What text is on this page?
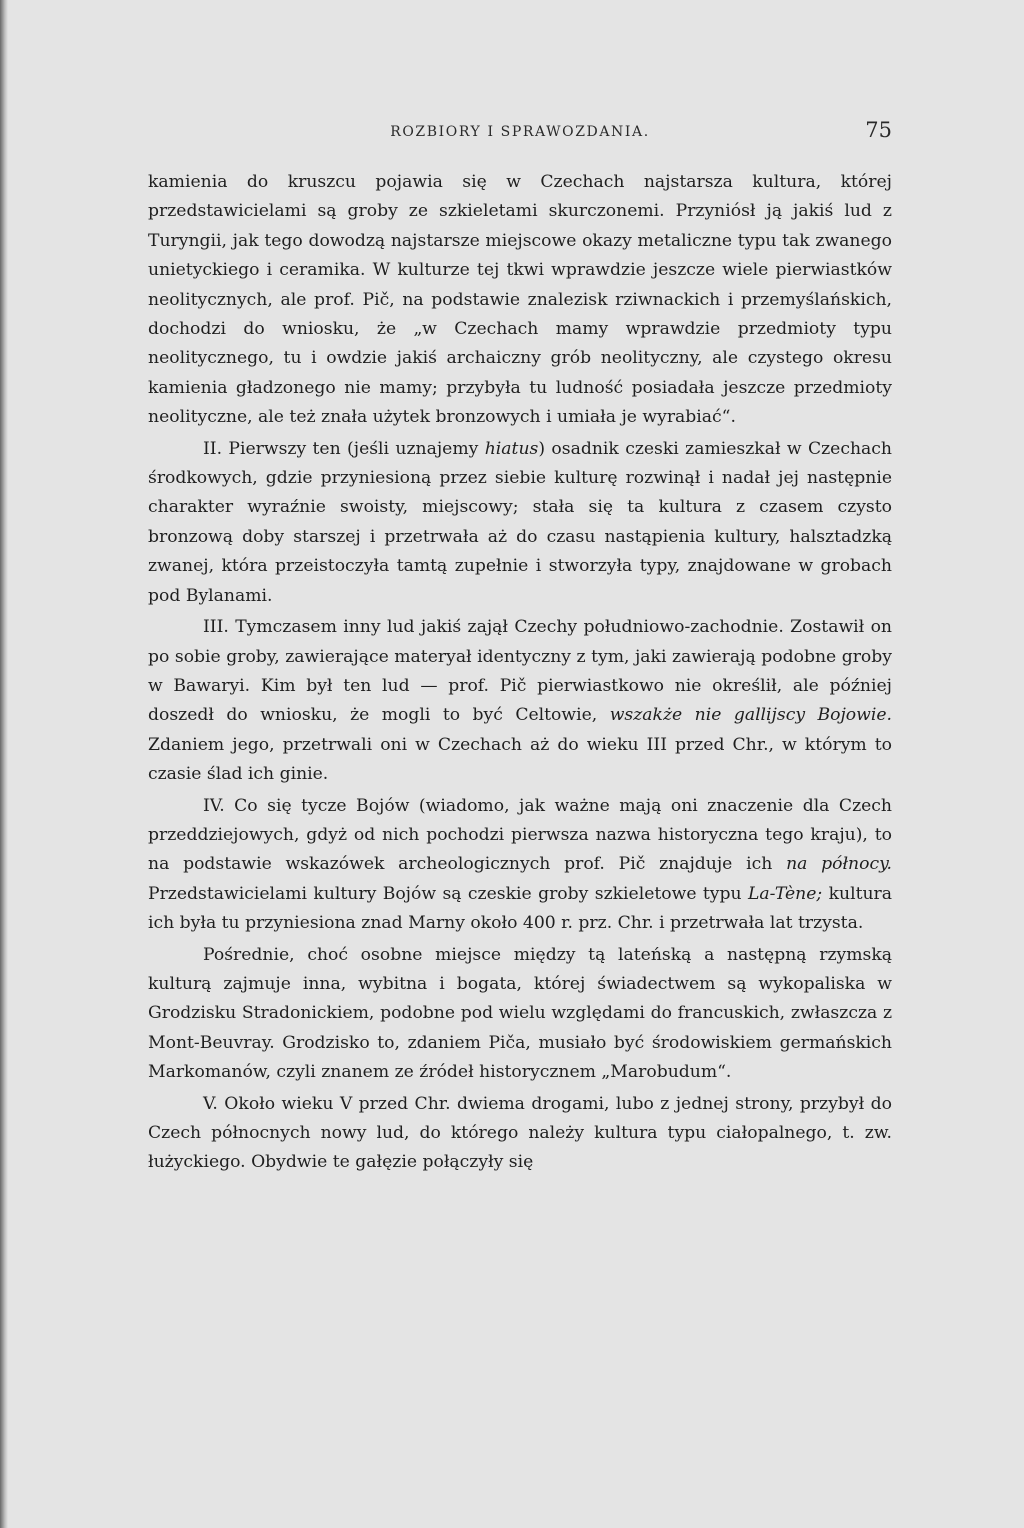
ROZBIORY I SPRAWOZDANIA.	75

kamienia do kruszcu pojawia się w Czechach najstarsza kultura, której przedstawicielami są groby ze szkieletami skurczonemi. Przyniósł ją jakiś lud z Turyngii, jak tego dowodzą najstarsze miejscowe okazy metaliczne typu tak zwanego unietyckiego i ceramika. W kulturze tej tkwi wprawdzie jeszcze wiele pierwiastków neolitycznych, ale prof. Pič, na podstawie znalezisk rziwnackich i przemyślańskich, dochodzi do wniosku, że „w Czechach mamy wprawdzie przedmioty typu neolitycznego, tu i owdzie jakiś archaiczny grób neolityczny, ale czystego okresu kamienia gładzonego nie mamy; przybyła tu ludność posiadała jeszcze przedmioty neolityczne, ale też znała użytek bronzowych i umiała je wyrabiać“.

II. Pierwszy ten (jeśli uznajemy hiatus) osadnik czeski zamieszkał w Czechach środkowych, gdzie przyniesioną przez siebie kulturę rozwinął i nadał jej następnie charakter wyraźnie swoisty, miejscowy; stała się ta kultura z czasem czysto bronzową doby starszej i przetrwała aż do czasu nastąpienia kultury, halsztadzką zwanej, która przeistoczyła tamtą zupełnie i stworzyła typy, znajdowane w grobach pod Bylanami.

III. Tymczasem inny lud jakiś zajął Czechy południowo-zachodnie. Zostawił on po sobie groby, zawierające materyał identyczny z tym, jaki zawierają podobne groby w Bawaryi. Kim był ten lud — prof. Pič pierwiastkowo nie określił, ale później doszedł do wniosku, że mogli to być Celtowie, wszakże nie gallijscy Bojowie. Zdaniem jego, przetrwali oni w Czechach aż do wieku III przed Chr., w którym to czasie ślad ich ginie.

IV. Co się tycze Bojów (wiadomo, jak ważne mają oni znaczenie dla Czech przeddziejowych, gdyż od nich pochodzi pierwsza nazwa historyczna tego kraju), to na podstawie wskazówek archeologicznych prof. Pič znajduje ich na północy. Przedstawicielami kultury Bojów są czeskie groby szkieletowe typu La-Tène; kultura ich była tu przyniesiona znad Marny około 400 r. prz. Chr. i przetrwała lat trzysta.

Pośrednie, choć osobne miejsce między tą lateńską a następną rzymską kulturą zajmuje inna, wybitna i bogata, której świadectwem są wykopaliska w Grodzisku Stradonickiem, podobne pod wielu względami do francuskich, zwłaszcza z Mont-Beuvray. Grodzisko to, zdaniem Piča, musiało być środowiskiem germańskich Markomanów, czyli znanem ze źródeł historycznem „Marobudum“.

V. Około wieku V przed Chr. dwiema drogami, lubo z jednej strony, przybył do Czech północnych nowy lud, do którego należy kultura typu ciałopalnego, t. zw. łużyckiego. Obydwie te gałęzie połączyły się
